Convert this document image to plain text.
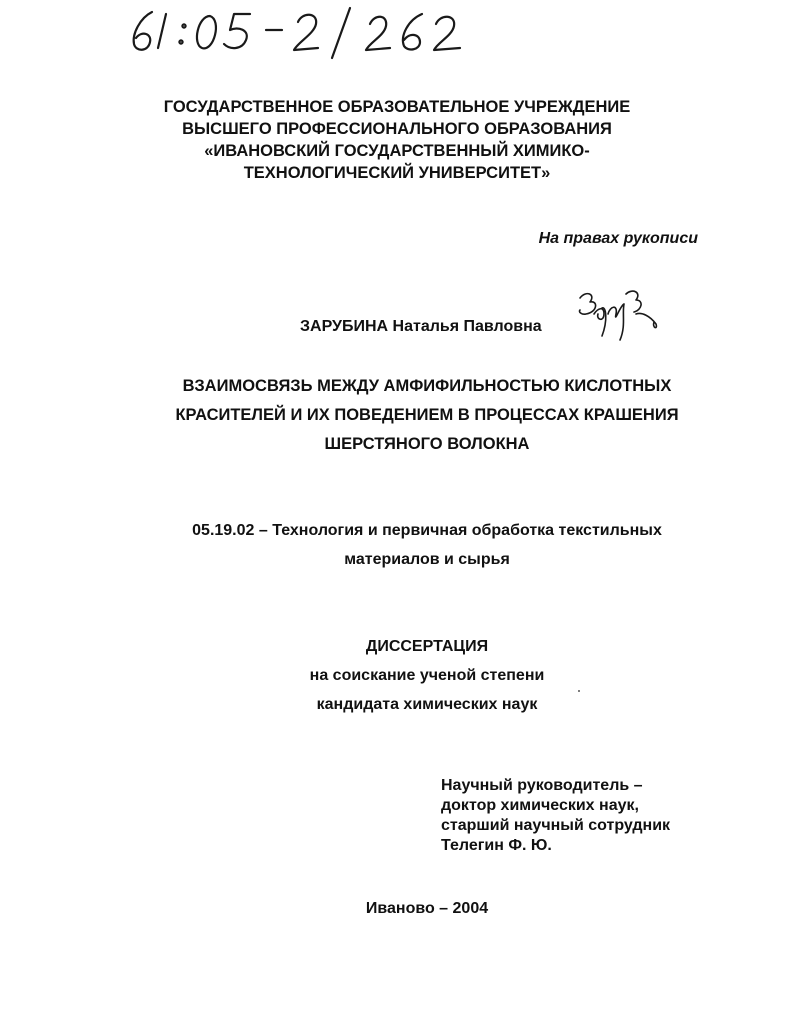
ГОСУДАРСТВЕННОЕ ОБРАЗОВАТЕЛЬНОЕ УЧРЕЖДЕНИЕ
ВЫСШЕГО ПРОФЕССИОНАЛЬНОГО ОБРАЗОВАНИЯ
«ИВАНОВСКИЙ ГОСУДАРСТВЕННЫЙ ХИМИКО-
ТЕХНОЛОГИЧЕСКИЙ УНИВЕРСИТЕТ»
На правах рукописи
ЗАРУБИНА Наталья Павловна
ВЗАИМОСВЯЗЬ МЕЖДУ АМФИФИЛЬНОСТЬЮ КИСЛОТНЫХ
КРАСИТЕЛЕЙ И ИХ ПОВЕДЕНИЕМ В ПРОЦЕССАХ КРАШЕНИЯ
ШЕРСТЯНОГО ВОЛОКНА
05.19.02 – Технология и первичная обработка текстильных
материалов и сырья
ДИССЕРТАЦИЯ
на соискание ученой степени
кандидата химических наук
Научный руководитель –
доктор химических наук,
старший научный сотрудник
Телегин Ф. Ю.
Иваново – 2004
